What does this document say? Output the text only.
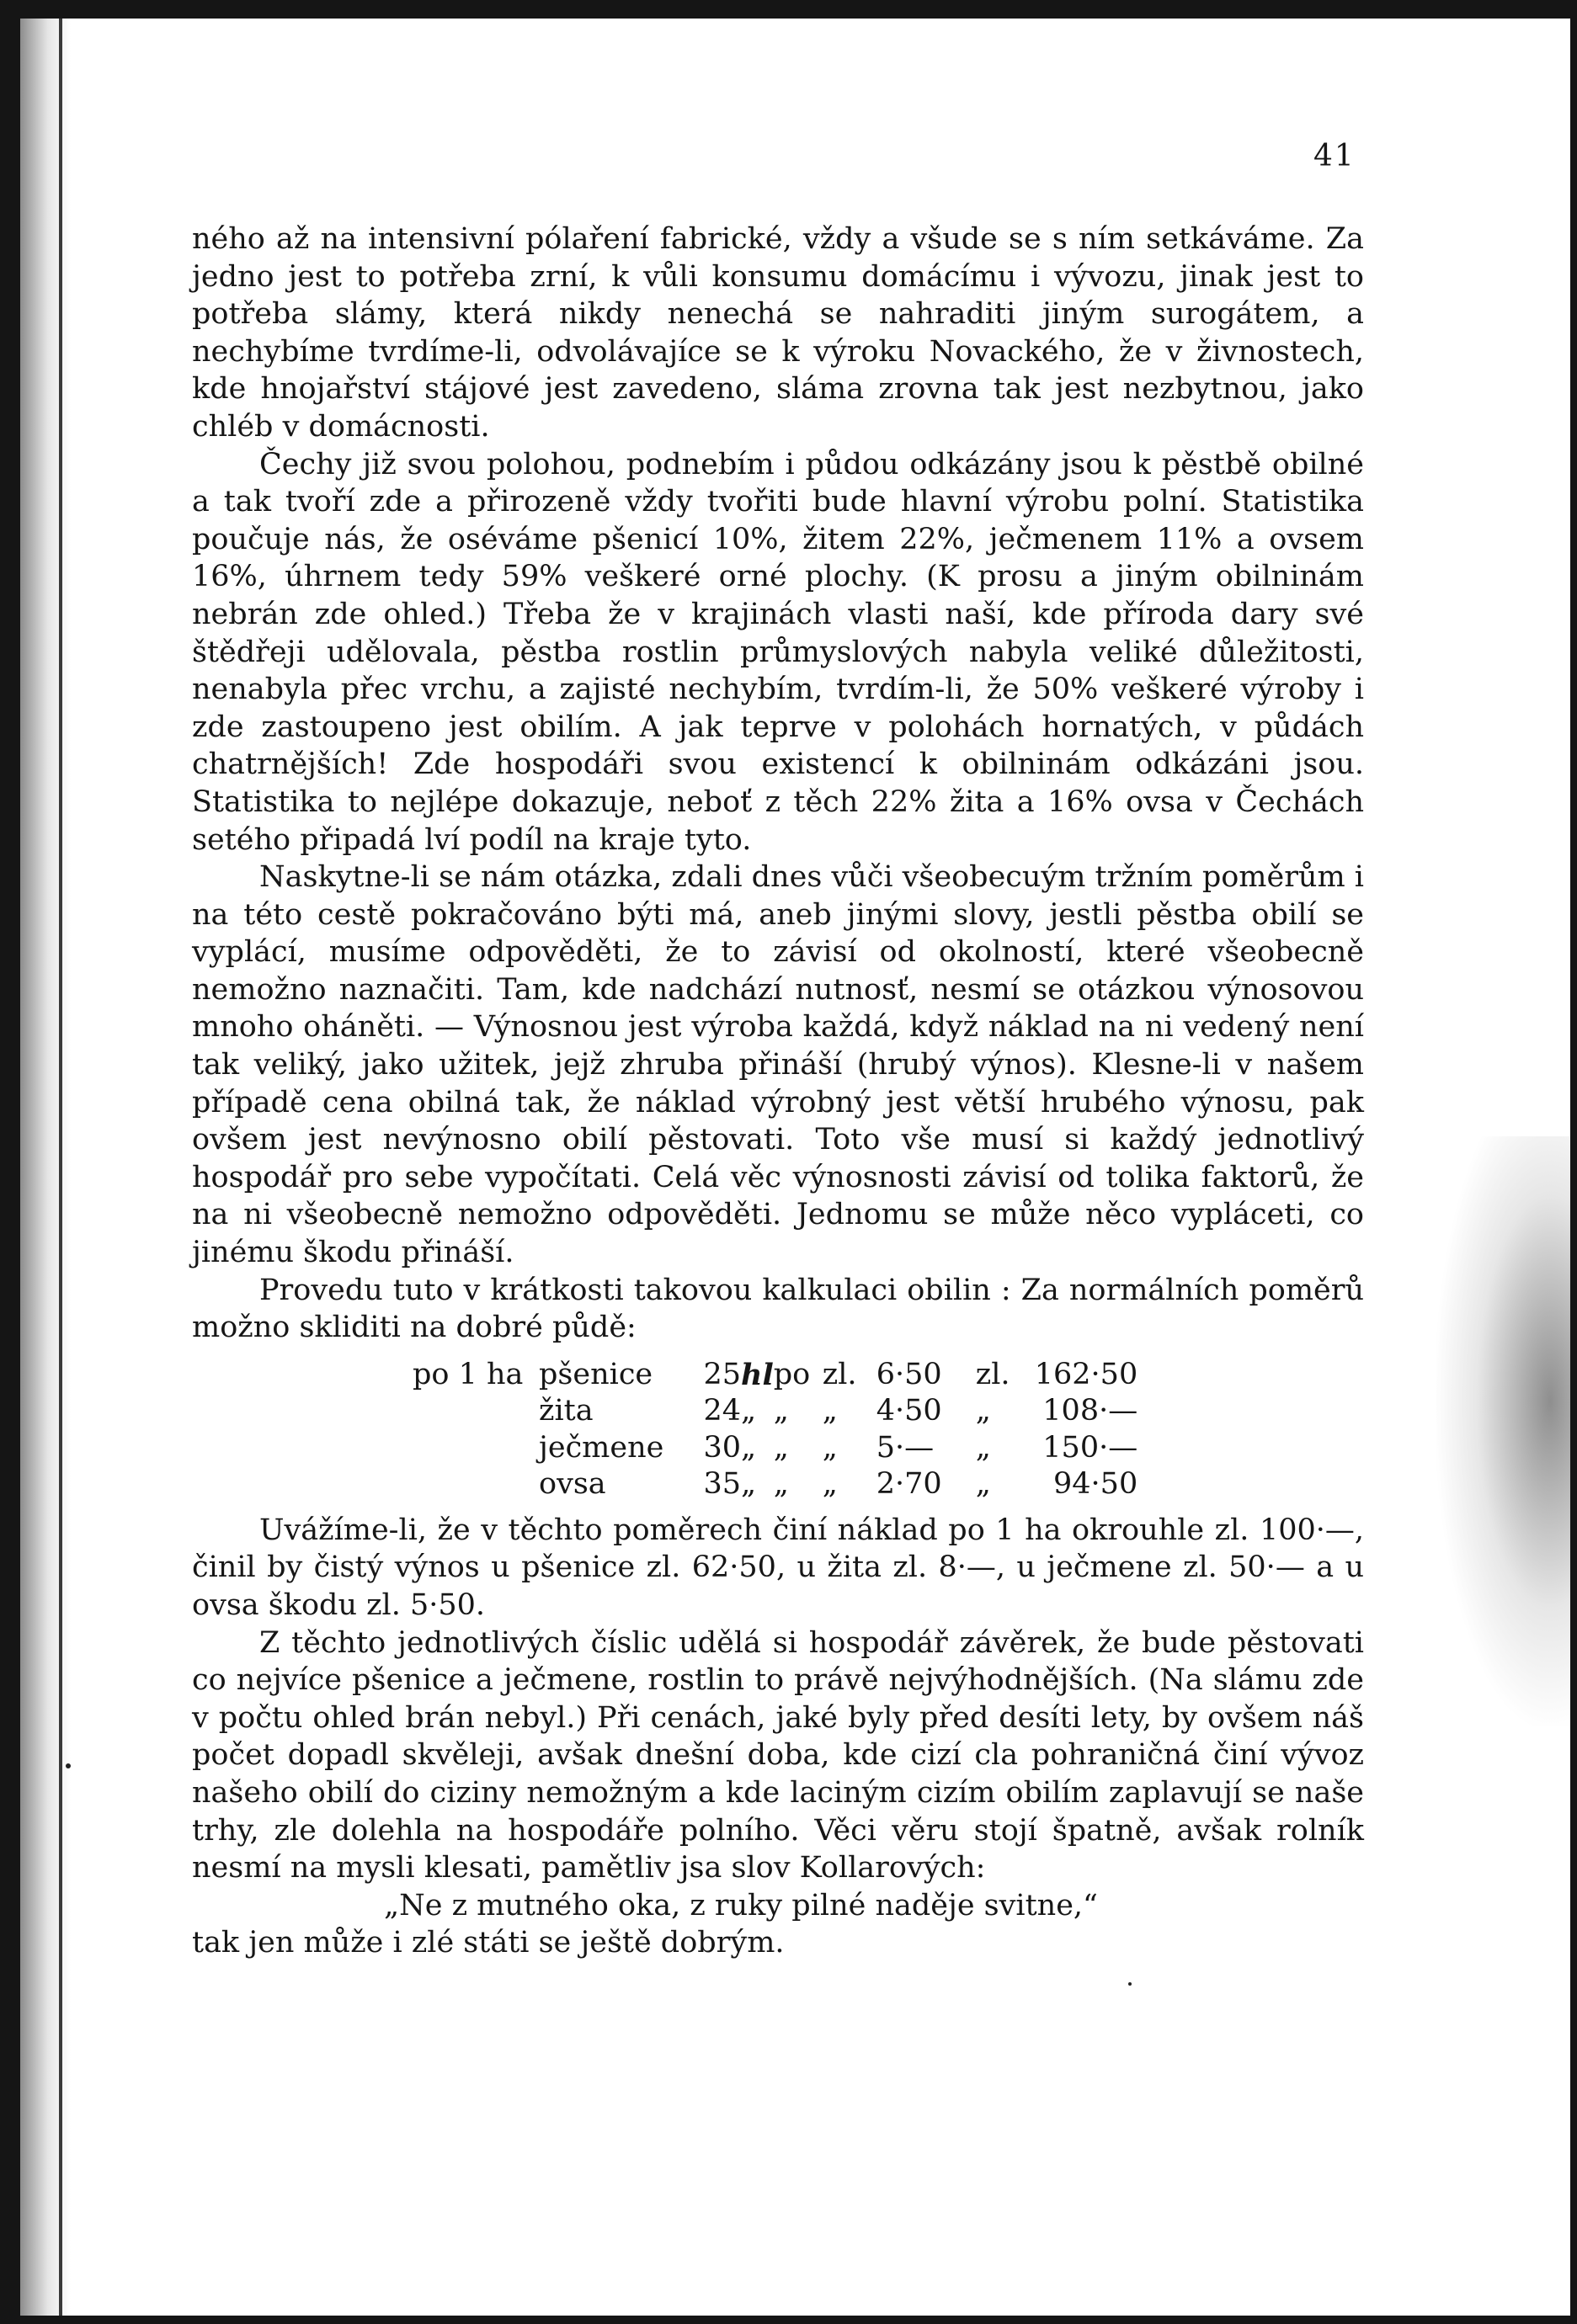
41

ného až na intensivní pólaření fabrické, vždy a všude se s ním setkáváme. Za jedno jest to potřeba zrní, k vůli konsumu domácímu i vývozu, jinak jest to potřeba slámy, která nikdy nenechá se nahraditi jiným surogátem, a nechybíme tvrdíme-li, odvolávajíce se k výroku Novackého, že v živnostech, kde hnojařství stájové jest zavedeno, sláma zrovna tak jest nezbytnou, jako chléb v domácnosti.

Čechy již svou polohou, podnebím i půdou odkázány jsou k pěstbě obilné a tak tvoří zde a přirozeně vždy tvořiti bude hlavní výrobu polní. Statistika poučuje nás, že oséváme pšenicí 10%, žitem 22%, ječmenem 11% a ovsem 16%, úhrnem tedy 59% veškeré orné plochy. (K prosu a jiným obilninám nebrán zde ohled.) Třeba že v krajinách vlasti naší, kde příroda dary své štědřeji udělovala, pěstba rostlin průmyslových nabyla veliké důležitosti, nenabyla přec vrchu, a zajisté nechybím, tvrdím-li, že 50% veškeré výroby i zde zastoupeno jest obilím. A jak teprve v polohách hornatých, v půdách chatrnějších! Zde hospodáři svou existencí k obilninám odkázáni jsou. Statistika to nejlépe dokazuje, neboť z těch 22% žita a 16% ovsa v Čechách setého připadá lví podíl na kraje tyto.

Naskytne-li se nám otázka, zdali dnes vůči všeobecuým tržním poměrům i na této cestě pokračováno býti má, aneb jinými slovy, jestli pěstba obilí se vyplácí, musíme odpověděti, že to závisí od okolností, které všeobecně nemožno naznačiti. Tam, kde nadchází nutnosť, nesmí se otázkou výnosovou mnoho oháněti. — Výnosnou jest výroba každá, když náklad na ni vedený není tak veliký, jako užitek, jejž zhruba přináší (hrubý výnos). Klesne-li v našem případě cena obilná tak, že náklad výrobný jest větší hrubého výnosu, pak ovšem jest nevýnosno obilí pěstovati. Toto vše musí si každý jednotlivý hospodář pro sebe vypočítati. Celá věc výnosnosti závisí od tolika faktorů, že na ni všeobecně nemožno odpověděti. Jednomu se může něco vypláceti, co jinému škodu přináší.

Provedu tuto v krátkosti takovou kalkulaci obilin : Za normálních poměrů možno skliditi na dobré půdě:

po 1 ha	pšenice	25	hl	po	zl.	6·50	zl.	162·50
	žita	24	„	„	„	4·50	„	108·—
	ječmene	30	„	„	„	5·—	„	150·—
	ovsa	35	„	„	„	2·70	„	94·50

Uvážíme-li, že v těchto poměrech činí náklad po 1 ha okrouhle zl. 100·—, činil by čistý výnos u pšenice zl. 62·50, u žita zl. 8·—, u ječmene zl. 50·— a u ovsa škodu zl. 5·50.

Z těchto jednotlivých číslic udělá si hospodář závěrek, že bude pěstovati co nejvíce pšenice a ječmene, rostlin to právě nejvýhodnějších. (Na slámu zde v počtu ohled brán nebyl.) Při cenách, jaké byly před desíti lety, by ovšem náš počet dopadl skvěleji, avšak dnešní doba, kde cizí cla pohraničná činí vývoz našeho obilí do ciziny nemožným a kde laciným cizím obilím zaplavují se naše trhy, zle dolehla na hospodáře polního. Věci věru stojí špatně, avšak rolník nesmí na mysli klesati, pamětliv jsa slov Kollarových:

„Ne z mutného oka, z ruky pilné naděje svitne,“

tak jen může i zlé státi se ještě dobrým.
